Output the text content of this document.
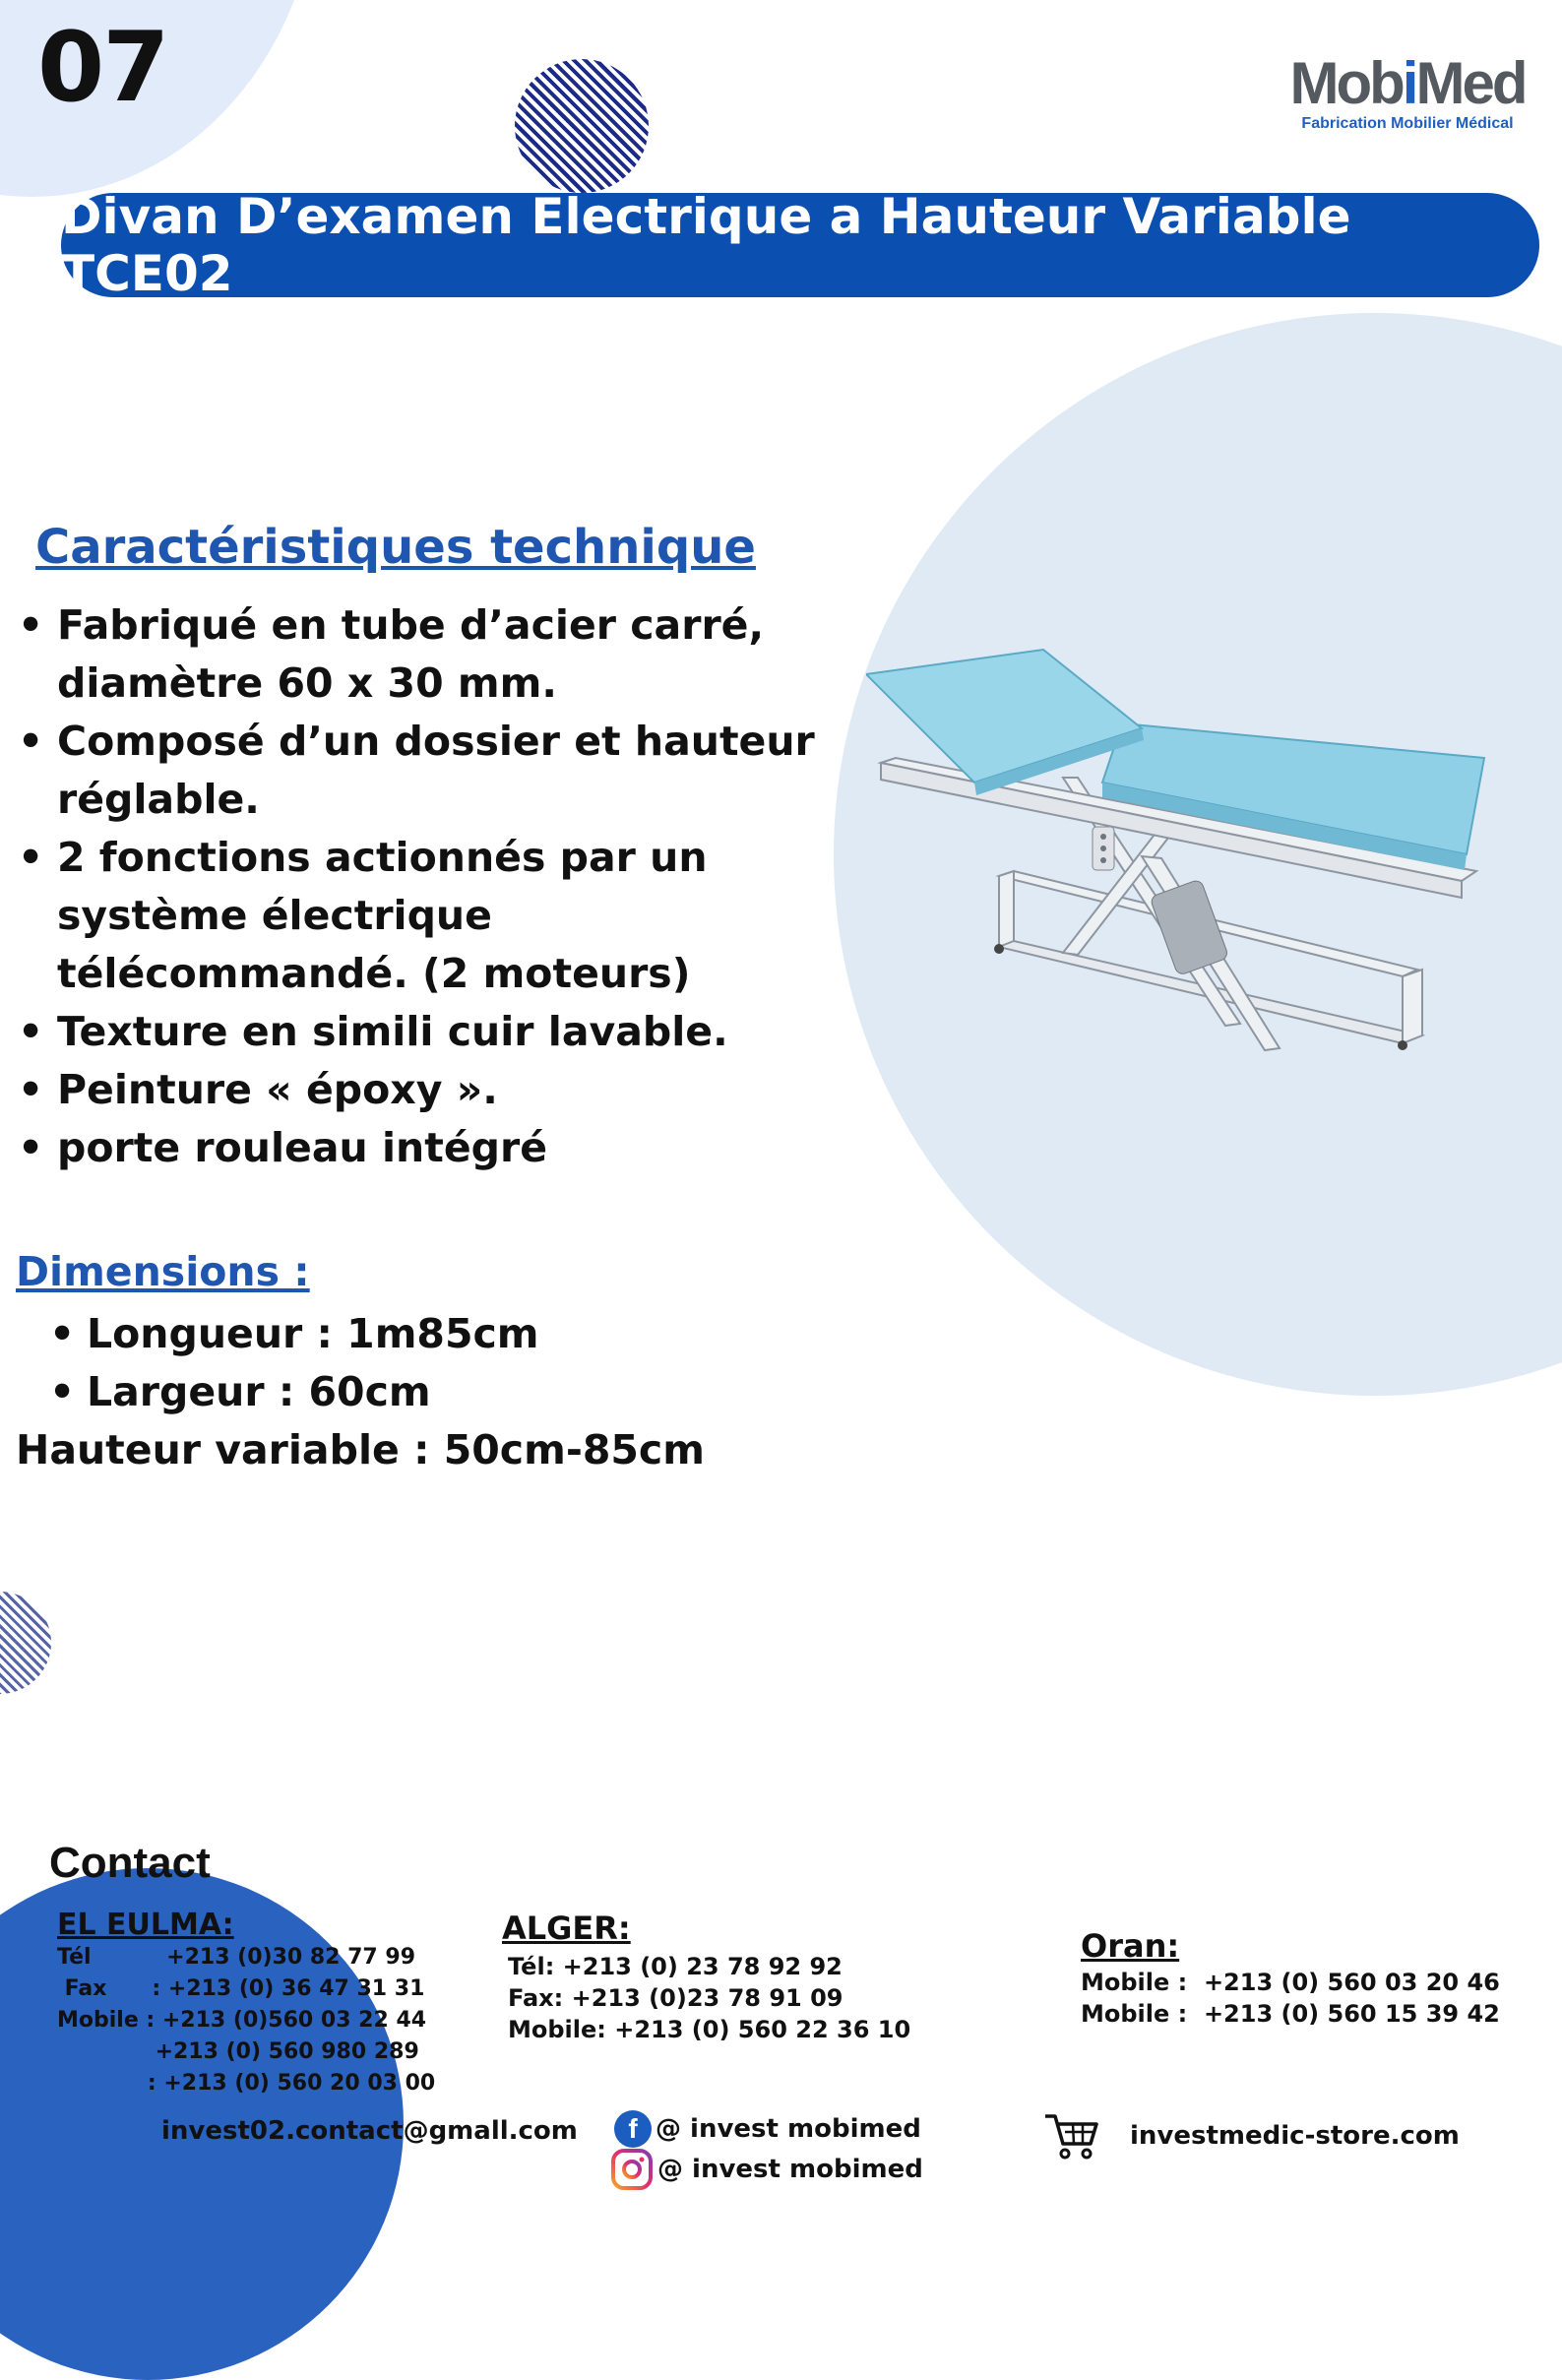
07	MobiMed
Fabrication Mobilier Médical
Divan D’examen Electrique a Hauteur Variable TCE02
Caractéristiques technique
• Fabriqué en tube d’acier carré, diamètre 60 x 30 mm.
• Composé d’un dossier et hauteur réglable.
• 2 fonctions actionnés par un système électrique télécommandé. (2 moteurs)
• Texture en simili cuir lavable.
• Peinture « époxy ».
• porte rouleau intégré
Dimensions :
• Longueur : 1m85cm
• Largeur : 60cm
Hauteur variable : 50cm-85cm
Contact
EL EULMA:
Tél          +213 (0)30 82 77 99
Fax      : +213 (0) 36 47 31 31
Mobile : +213 (0)560 03 22 44
+213 (0) 560 980 289
: +213 (0) 560 20 03 00
ALGER:
Tél: +213 (0) 23 78 92 92
Fax: +213 (0)23 78 91 09
Mobile: +213 (0) 560 22 36 10
Oran:
Mobile :  +213 (0) 560 03 20 46
Mobile :  +213 (0) 560 15 39 42
invest02.contact@gmall.com	f @ invest mobimed
@ invest mobimed
investmedic-store.com
